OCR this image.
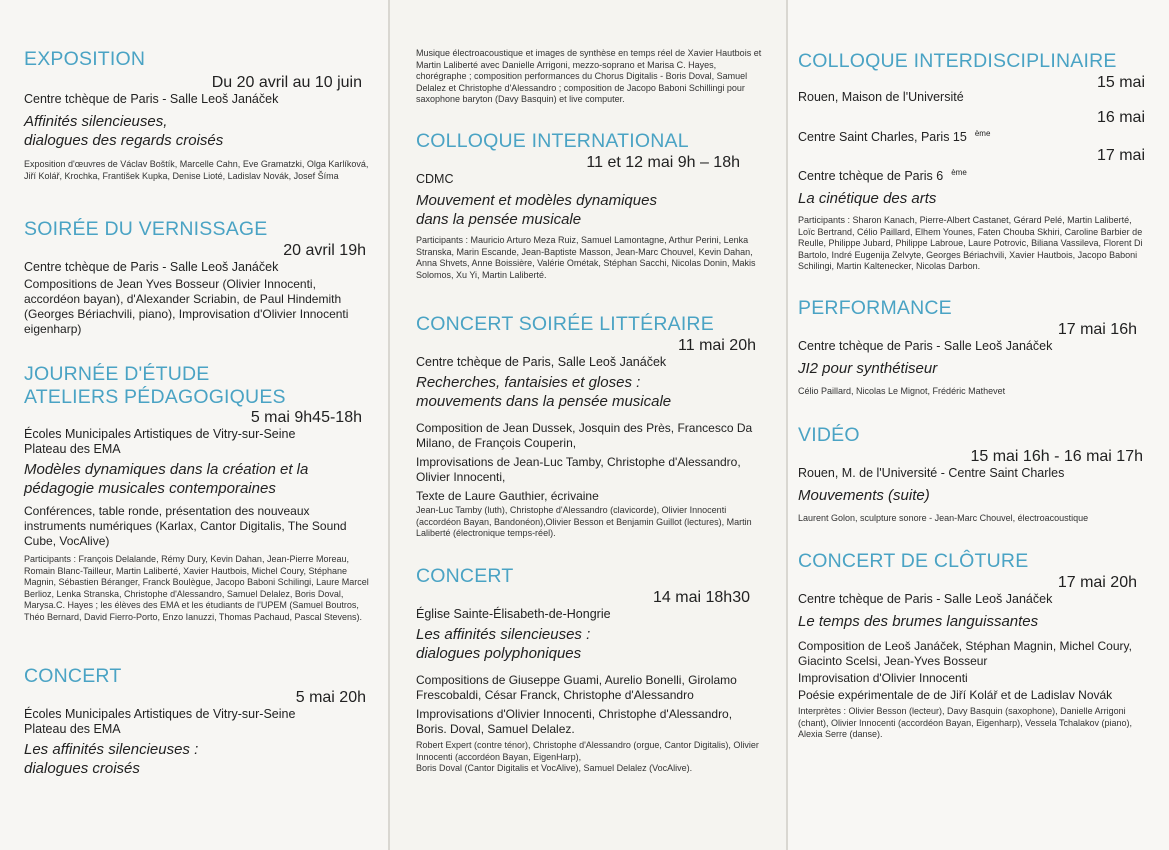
EXPOSITION
Du 20 avril au 10 juin
Centre tchèque de Paris - Salle Leoš Janáček
Affinités silencieuses,
dialogues des regards croisés
Exposition d'œuvres de Václav Boštík, Marcelle Cahn, Eve Gramatzki, Olga Karlíková, Jiří Kolář, Krochka, František Kupka, Denise Lioté, Ladislav Novák, Josef Šíma
SOIRÉE DU VERNISSAGE
20 avril 19h
Centre tchèque de Paris - Salle Leoš Janáček
Compositions de Jean Yves Bosseur (Olivier Innocenti, accordéon bayan), d'Alexander Scriabin, de Paul Hindemith (Georges Bériachvili, piano), Improvisation d'Olivier Innocenti eigenharp)
JOURNÉE D'ÉTUDE
ATELIERS PÉDAGOGIQUES
5 mai 9h45-18h
Écoles Municipales Artistiques de Vitry-sur-Seine
Plateau des EMA
Modèles dynamiques dans la création et la
pédagogie musicales contemporaines
Conférences, table ronde, présentation des nouveaux instruments numériques (Karlax, Cantor Digitalis, The Sound Cube, VocAlive)
Participants : François Delalande, Rémy Dury, Kevin Dahan, Jean-Pierre Moreau, Romain Blanc-Tailleur, Martin Laliberté, Xavier Hautbois, Michel Coury, Stéphane Magnin, Sébastien Béranger, Franck Boulègue, Jacopo Baboni Schilingi, Laure Marcel Berlioz, Lenka Stranska, Christophe d'Alessandro, Samuel Delalez, Boris Doval, Marysa.C. Hayes ; les élèves des EMA et les étudiants de l'UPEM (Samuel Boutros, Théo Bernard, David Fierro-Porto, Enzo Ianuzzi, Thomas Pachaud, Pascal Stevens).
CONCERT
5 mai 20h
Écoles Municipales Artistiques de Vitry-sur-Seine
Plateau des EMA
Les affinités silencieuses :
dialogues croisés
Musique électroacoustique et images de synthèse en temps réel de Xavier Hautbois et Martin Laliberté avec Danielle Arrigoni, mezzo-soprano et Marisa C. Hayes, chorégraphe ; composition performances du Chorus Digitalis - Boris Doval, Samuel Delalez et Christophe d'Alessandro ; composition de Jacopo Baboni Schillingi pour saxophone baryton (Davy Basquin) et live computer.
COLLOQUE INTERNATIONAL
11 et 12 mai 9h – 18h
CDMC
Mouvement et modèles dynamiques
dans la pensée musicale
Participants : Mauricio Arturo Meza Ruiz, Samuel Lamontagne, Arthur Perini, Lenka Stranska, Marin Escande, Jean-Baptiste Masson, Jean-Marc Chouvel, Kevin Dahan, Anna Shvets, Anne Boissière, Valérie Ométak, Stéphan Sacchi, Nicolas Donin, Makis Solomos, Xu Yi, Martin Laliberté.
CONCERT SOIRÉE LITTÉRAIRE
11 mai 20h
Centre tchèque de Paris, Salle Leoš Janáček
Recherches, fantaisies et gloses :
mouvements dans la pensée musicale
Composition de Jean Dussek, Josquin des Près, Francesco Da Milano, de François Couperin,
Improvisations de Jean-Luc Tamby, Christophe d'Alessandro, Olivier Innocenti,
Texte de Laure Gauthier, écrivaine
Jean-Luc Tamby (luth), Christophe d'Alessandro (clavicorde), Olivier Innocenti (accordéon Bayan, Bandonéon),Olivier Besson et Benjamin Guillot (lectures), Martin Laliberté (électronique temps-réel).
CONCERT
14 mai 18h30
Église Sainte-Élisabeth-de-Hongrie
Les affinités silencieuses :
dialogues polyphoniques
Compositions de Giuseppe Guami, Aurelio Bonelli, Girolamo Frescobaldi, César Franck, Christophe d'Alessandro
Improvisations d'Olivier Innocenti, Christophe d'Alessandro, Boris. Doval, Samuel Delalez.
Robert Expert (contre ténor), Christophe d'Alessandro (orgue, Cantor Digitalis), Olivier Innocenti (accordéon Bayan, EigenHarp),
Boris Doval (Cantor Digitalis et VocAlive), Samuel Delalez (VocAlive).
COLLOQUE INTERDISCIPLINAIRE
15 mai
Rouen, Maison de l'Université
16 mai
Centre Saint Charles, Paris 15 $^{ème}$
17 mai
Centre tchèque de Paris 6 $^{ème}$
La cinétique des arts
Participants : Sharon Kanach, Pierre-Albert Castanet, Gérard Pelé, Martin Laliberté, Loïc Bertrand, Célio Paillard, Elhem Younes, Faten Chouba Skhiri, Caroline Barbier de Reulle, Philippe Jubard, Philippe Labroue, Laure Potrovic, Biliana Vassileva, Florent Di Bartolo, Indré Eugenija Zelvyte, Georges Bériachvili, Xavier Hautbois, Jacopo Baboni Schilingi, Martin Kaltenecker, Nicolas Darbon.
PERFORMANCE
17 mai 16h
Centre tchèque de Paris - Salle Leoš Janáček
JI2 pour synthétiseur
Célio Paillard, Nicolas Le Mignot, Frédéric Mathevet
VIDÉO
15 mai 16h - 16 mai 17h
Rouen, M. de l'Université - Centre Saint Charles
Mouvements (suite)
Laurent Golon, sculpture sonore - Jean-Marc Chouvel, électroacoustique
CONCERT DE CLÔTURE
17 mai 20h
Centre tchèque de Paris - Salle Leoš Janáček
Le temps des brumes languissantes
Composition de Leoš Janáček, Stéphan Magnin, Michel Coury, Giacinto Scelsi, Jean-Yves Bosseur
Improvisation d'Olivier Innocenti
Poésie expérimentale de de Jiří Kolář et de Ladislav Novák
Interprètes : Olivier Besson (lecteur), Davy Basquin (saxophone), Danielle Arrigoni (chant), Olivier Innocenti (accordéon Bayan, Eigenharp), Vessela Tchalakov (piano), Alexia Serre (danse).
